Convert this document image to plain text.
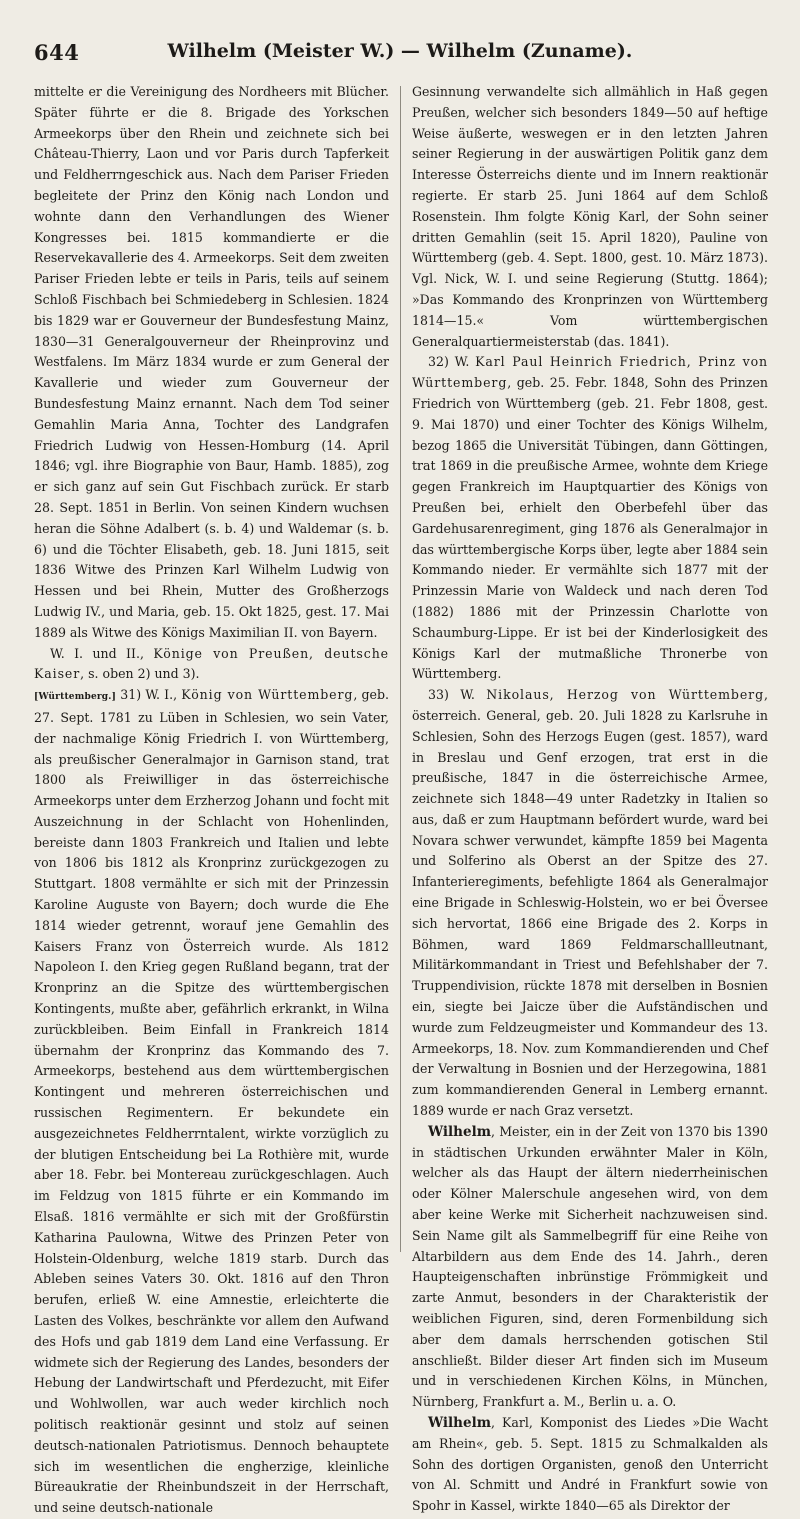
644	Wilhelm (Meister W.) — Wilhelm (Zuname).

mittelte er die Vereinigung des Nordheers mit Blücher. Später führte er die 8. Brigade des Yorkschen Armeekorps über den Rhein und zeichnete sich bei Château-Thierry, Laon und vor Paris durch Tapferkeit und Feldherrngeschick aus. Nach dem Pariser Frieden begleitete der Prinz den König nach London und wohnte dann den Verhandlungen des Wiener Kongresses bei. 1815 kommandierte er die Reservekavallerie des 4. Armeekorps. Seit dem zweiten Pariser Frieden lebte er teils in Paris, teils auf seinem Schloß Fischbach bei Schmiedeberg in Schlesien. 1824 bis 1829 war er Gouverneur der Bundesfestung Mainz, 1830—31 Generalgouverneur der Rheinprovinz und Westfalens. Im März 1834 wurde er zum General der Kavallerie und wieder zum Gouverneur der Bundesfestung Mainz ernannt. Nach dem Tod seiner Gemahlin Maria Anna, Tochter des Landgrafen Friedrich Ludwig von Hessen-Homburg (14. April 1846; vgl. ihre Biographie von Baur, Hamb. 1885), zog er sich ganz auf sein Gut Fischbach zurück. Er starb 28. Sept. 1851 in Berlin. Von seinen Kindern wuchsen heran die Söhne Adalbert (s. b. 4) und Waldemar (s. b. 6) und die Töchter Elisabeth, geb. 18. Juni 1815, seit 1836 Witwe des Prinzen Karl Wilhelm Ludwig von Hessen und bei Rhein, Mutter des Großherzogs Ludwig IV., und Maria, geb. 15. Okt 1825, gest. 17. Mai 1889 als Witwe des Königs Maximilian II. von Bayern.

W. I. und II., Könige von Preußen, deutsche Kaiser, s. oben 2) und 3).

[Württemberg.] 31) W. I., König von Württemberg, geb. 27. Sept. 1781 zu Lüben in Schlesien, wo sein Vater, der nachmalige König Friedrich I. von Württemberg, als preußischer Generalmajor in Garnison stand, trat 1800 als Freiwilliger in das österreichische Armeekorps unter dem Erzherzog Johann und focht mit Auszeichnung in der Schlacht von Hohenlinden, bereiste dann 1803 Frankreich und Italien und lebte von 1806 bis 1812 als Kronprinz zurückgezogen zu Stuttgart. 1808 vermählte er sich mit der Prinzessin Karoline Auguste von Bayern; doch wurde die Ehe 1814 wieder getrennt, worauf jene Gemahlin des Kaisers Franz von Österreich wurde. Als 1812 Napoleon I. den Krieg gegen Rußland begann, trat der Kronprinz an die Spitze des württembergischen Kontingents, mußte aber, gefährlich erkrankt, in Wilna zurückbleiben. Beim Einfall in Frankreich 1814 übernahm der Kronprinz das Kommando des 7. Armeekorps, bestehend aus dem württembergischen Kontingent und mehreren österreichischen und russischen Regimentern. Er bekundete ein ausgezeichnetes Feldherrntalent, wirkte vorzüglich zu der blutigen Entscheidung bei La Rothière mit, wurde aber 18. Febr. bei Montereau zurückgeschlagen. Auch im Feldzug von 1815 führte er ein Kommando im Elsaß. 1816 vermählte er sich mit der Großfürstin Katharina Paulowna, Witwe des Prinzen Peter von Holstein-Oldenburg, welche 1819 starb. Durch das Ableben seines Vaters 30. Okt. 1816 auf den Thron berufen, erließ W. eine Amnestie, erleichterte die Lasten des Volkes, beschränkte vor allem den Aufwand des Hofs und gab 1819 dem Land eine Verfassung. Er widmete sich der Regierung des Landes, besonders der Hebung der Landwirtschaft und Pferdezucht, mit Eifer und Wohlwollen, war auch weder kirchlich noch politisch reaktionär gesinnt und stolz auf seinen deutsch-nationalen Patriotismus. Dennoch behauptete sich im wesentlichen die engherzige, kleinliche Büreaukratie der Rheinbundszeit in der Herrschaft, und seine deutsch-nationale

Gesinnung verwandelte sich allmählich in Haß gegen Preußen, welcher sich besonders 1849—50 auf heftige Weise äußerte, weswegen er in den letzten Jahren seiner Regierung in der auswärtigen Politik ganz dem Interesse Österreichs diente und im Innern reaktionär regierte. Er starb 25. Juni 1864 auf dem Schloß Rosenstein. Ihm folgte König Karl, der Sohn seiner dritten Gemahlin (seit 15. April 1820), Pauline von Württemberg (geb. 4. Sept. 1800, gest. 10. März 1873). Vgl. Nick, W. I. und seine Regierung (Stuttg. 1864); »Das Kommando des Kronprinzen von Württemberg 1814—15.« Vom württembergischen Generalquartiermeisterstab (das. 1841).

32) W. Karl Paul Heinrich Friedrich, Prinz von Württemberg, geb. 25. Febr. 1848, Sohn des Prinzen Friedrich von Württemberg (geb. 21. Febr 1808, gest. 9. Mai 1870) und einer Tochter des Königs Wilhelm, bezog 1865 die Universität Tübingen, dann Göttingen, trat 1869 in die preußische Armee, wohnte dem Kriege gegen Frankreich im Hauptquartier des Königs von Preußen bei, erhielt den Oberbefehl über das Gardehusarenregiment, ging 1876 als Generalmajor in das württembergische Korps über, legte aber 1884 sein Kommando nieder. Er vermählte sich 1877 mit der Prinzessin Marie von Waldeck und nach deren Tod (1882) 1886 mit der Prinzessin Charlotte von Schaumburg-Lippe. Er ist bei der Kinderlosigkeit des Königs Karl der mutmaßliche Thronerbe von Württemberg.

33) W. Nikolaus, Herzog von Württemberg, österreich. General, geb. 20. Juli 1828 zu Karlsruhe in Schlesien, Sohn des Herzogs Eugen (gest. 1857), ward in Breslau und Genf erzogen, trat erst in die preußische, 1847 in die österreichische Armee, zeichnete sich 1848—49 unter Radetzky in Italien so aus, daß er zum Hauptmann befördert wurde, ward bei Novara schwer verwundet, kämpfte 1859 bei Magenta und Solferino als Oberst an der Spitze des 27. Infanterieregiments, befehligte 1864 als Generalmajor eine Brigade in Schleswig-Holstein, wo er bei Översee sich hervortat, 1866 eine Brigade des 2. Korps in Böhmen, ward 1869 Feldmarschallleutnant, Militärkommandant in Triest und Befehlshaber der 7. Truppendivision, rückte 1878 mit derselben in Bosnien ein, siegte bei Jaicze über die Aufständischen und wurde zum Feldzeugmeister und Kommandeur des 13. Armeekorps, 18. Nov. zum Kommandierenden und Chef der Verwaltung in Bosnien und der Herzegowina, 1881 zum kommandierenden General in Lemberg ernannt. 1889 wurde er nach Graz versetzt.

Wilhelm, Meister, ein in der Zeit von 1370 bis 1390 in städtischen Urkunden erwähnter Maler in Köln, welcher als das Haupt der ältern niederrheinischen oder Kölner Malerschule angesehen wird, von dem aber keine Werke mit Sicherheit nachzuweisen sind. Sein Name gilt als Sammelbegriff für eine Reihe von Altarbildern aus dem Ende des 14. Jahrh., deren Haupteigenschaften inbrünstige Frömmigkeit und zarte Anmut, besonders in der Charakteristik der weiblichen Figuren, sind, deren Formenbildung sich aber dem damals herrschenden gotischen Stil anschließt. Bilder dieser Art finden sich im Museum und in verschiedenen Kirchen Kölns, in München, Nürnberg, Frankfurt a. M., Berlin u. a. O.

Wilhelm, Karl, Komponist des Liedes »Die Wacht am Rhein«, geb. 5. Sept. 1815 zu Schmalkalden als Sohn des dortigen Organisten, genoß den Unterricht von Al. Schmitt und André in Frankfurt sowie von Spohr in Kassel, wirkte 1840—65 als Direktor der
